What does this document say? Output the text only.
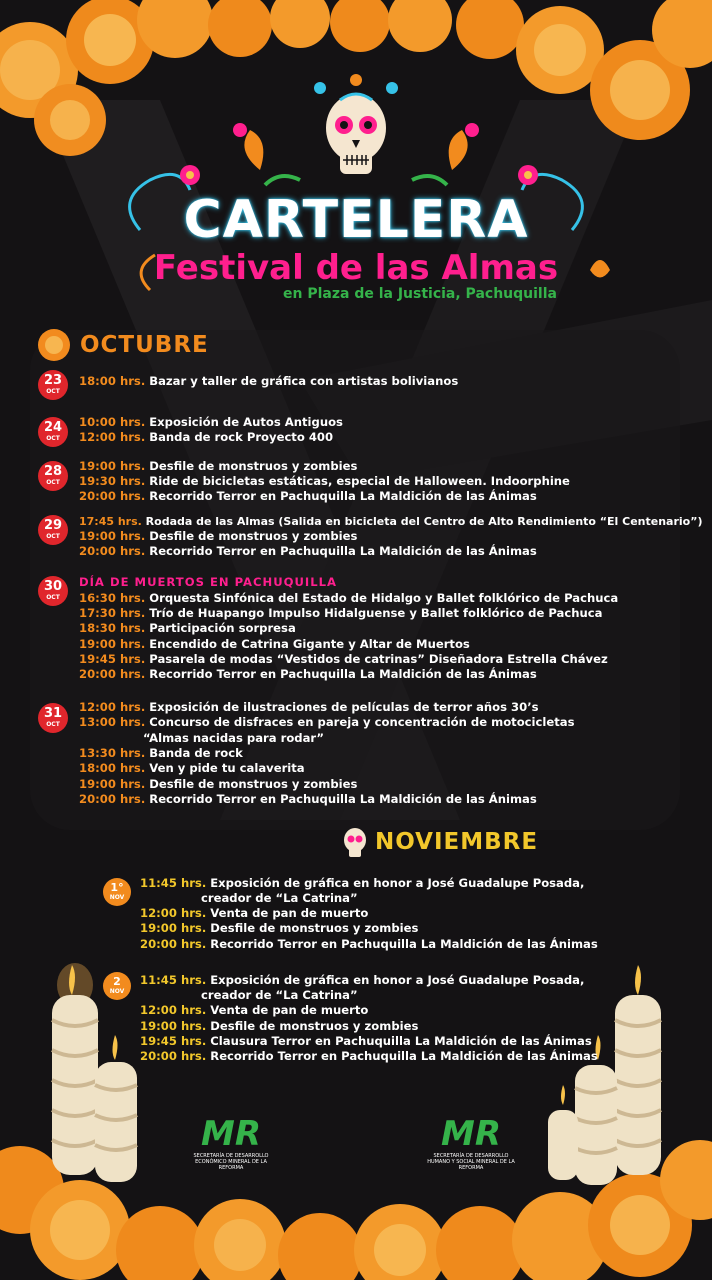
CARTELERA
Festival de las Almas
en Plaza de la Justicia, Pachuquilla
OCTUBRE
23
OCT
18:00 hrs. Bazar y taller de gráfica con artistas bolivianos
24
OCT
10:00 hrs. Exposición de Autos Antiguos
12:00 hrs. Banda de rock Proyecto 400
28
OCT
19:00 hrs. Desfile de monstruos y zombies
19:30 hrs. Ride de bicicletas estáticas, especial de Halloween. Indoorphine
20:00 hrs. Recorrido Terror en Pachuquilla La Maldición de las Ánimas
29
OCT
17:45 hrs. Rodada de las Almas (Salida en bicicleta del Centro de Alto Rendimiento “El Centenario”)
19:00 hrs. Desfile de monstruos y zombies
20:00 hrs. Recorrido Terror en Pachuquilla La Maldición de las Ánimas
30
OCT
DÍA DE MUERTOS EN PACHUQUILLA
16:30 hrs. Orquesta Sinfónica del Estado de Hidalgo y Ballet folklórico de Pachuca
17:30 hrs. Trío de Huapango Impulso Hidalguense y Ballet folklórico de Pachuca
18:30 hrs. Participación sorpresa
19:00 hrs. Encendido de Catrina Gigante y Altar de Muertos
19:45 hrs. Pasarela de modas “Vestidos de catrinas” Diseñadora Estrella Chávez
20:00 hrs. Recorrido Terror en Pachuquilla La Maldición de las Ánimas
31
OCT
12:00 hrs. Exposición de ilustraciones de películas de terror años 30’s
13:00 hrs. Concurso de disfraces en pareja y concentración de motocicletas
“Almas nacidas para rodar”
13:30 hrs. Banda de rock
18:00 hrs. Ven y pide tu calaverita
19:00 hrs. Desfile de monstruos y zombies
20:00 hrs. Recorrido Terror en Pachuquilla La Maldición de las Ánimas
NOVIEMBRE
1°
NOV
11:45 hrs. Exposición de gráfica en honor a José Guadalupe Posada,
creador de “La Catrina”
12:00 hrs. Venta de pan de muerto
19:00 hrs. Desfile de monstruos y zombies
20:00 hrs. Recorrido Terror en Pachuquilla La Maldición de las Ánimas
2
NOV
11:45 hrs. Exposición de gráfica en honor a José Guadalupe Posada,
creador de “La Catrina”
12:00 hrs. Venta de pan de muerto
19:00 hrs. Desfile de monstruos y zombies
19:45 hrs. Clausura Terror en Pachuquilla La Maldición de las Ánimas
20:00 hrs. Recorrido Terror en Pachuquilla La Maldición de las Ánimas
MR
SECRETARÍA DE DESARROLLO ECONÓMICO MINERAL DE LA REFORMA
MR
SECRETARÍA DE DESARROLLO HUMANO Y SOCIAL MINERAL DE LA REFORMA
